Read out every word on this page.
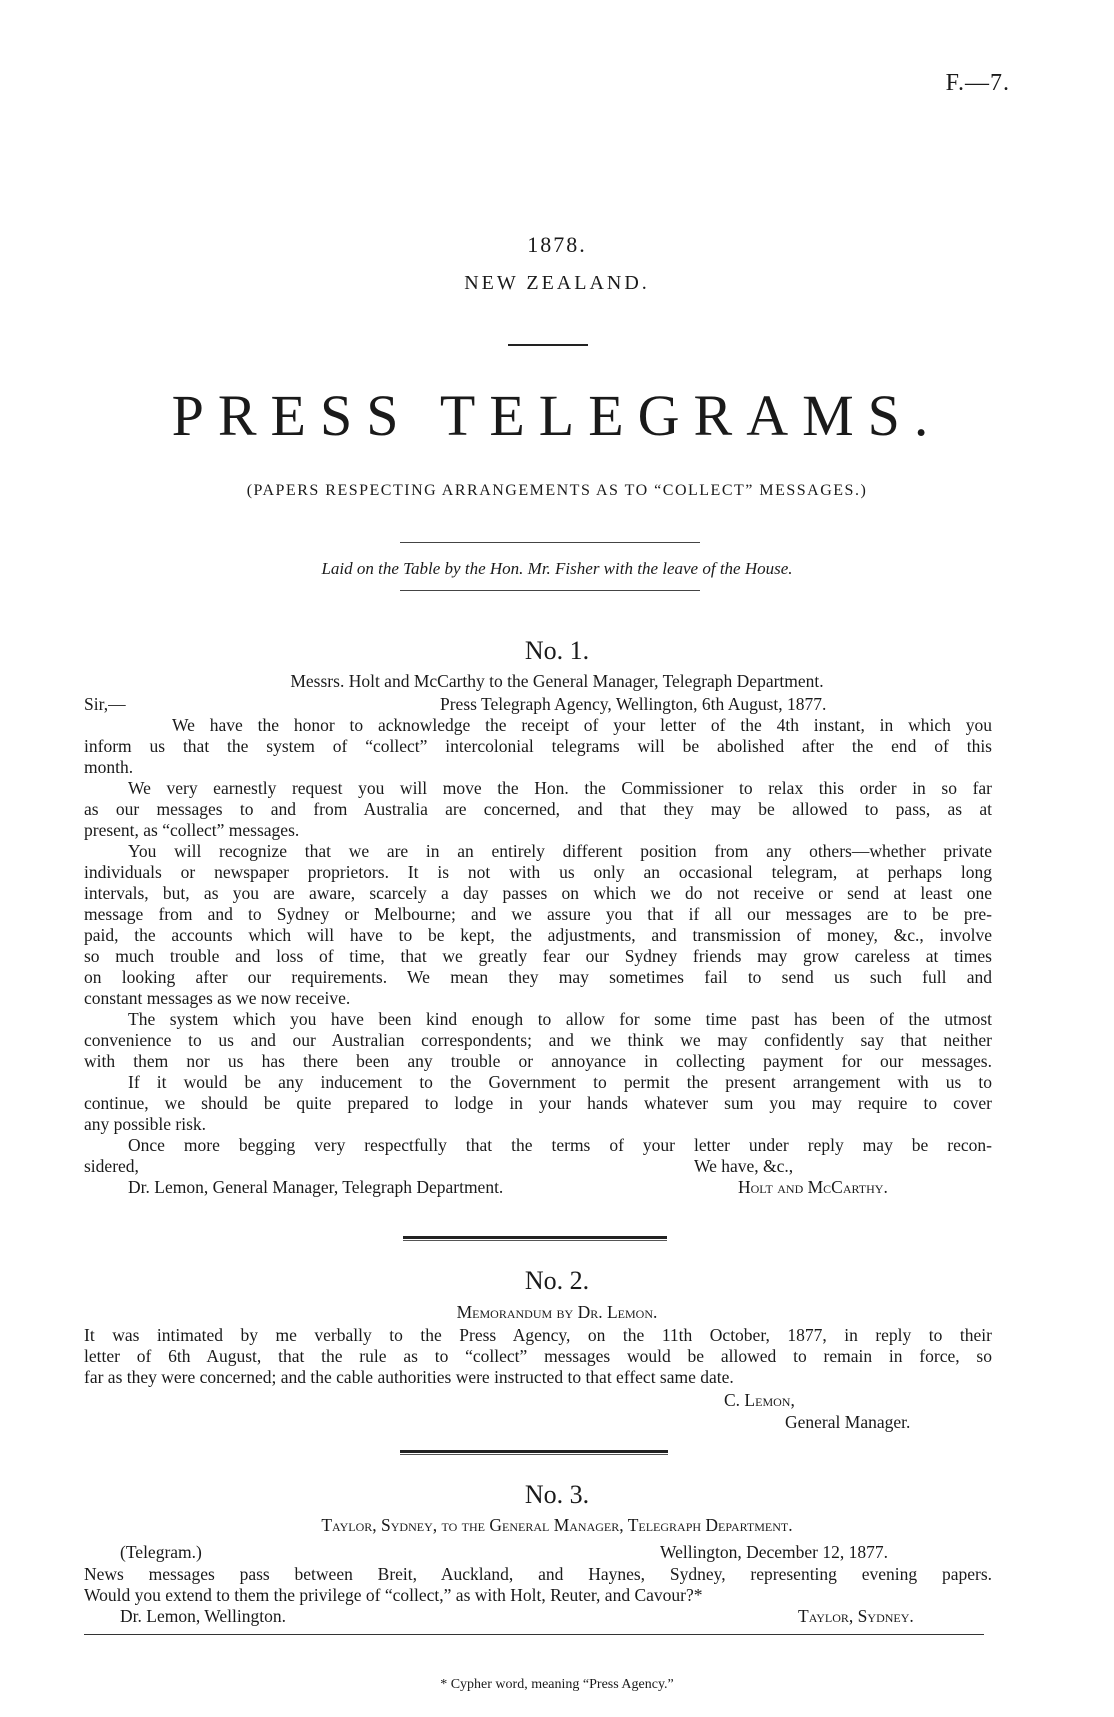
F.—7.
1878.
NEW ZEALAND.
PRESS TELEGRAMS.
(PAPERS RESPECTING ARRANGEMENTS AS TO “COLLECT” MESSAGES.)
Laid on the Table by the Hon. Mr. Fisher with the leave of the House.
No. 1.
Messrs. Holt and McCarthy to the General Manager, Telegraph Department.
Sir,—	Press Telegraph Agency, Wellington, 6th August, 1877.
We have the honor to acknowledge the receipt of your letter of the 4th instant, in which you
inform us that the system of “collect” intercolonial telegrams will be abolished after the end of this
month.
We very earnestly request you will move the Hon. the Commissioner to relax this order in so far
as our messages to and from Australia are concerned, and that they may be allowed to pass, as at
present, as “collect” messages.
You will recognize that we are in an entirely different position from any others—whether private
individuals or newspaper proprietors. It is not with us only an occasional telegram, at perhaps long
intervals, but, as you are aware, scarcely a day passes on which we do not receive or send at least one
message from and to Sydney or Melbourne; and we assure you that if all our messages are to be pre-
paid, the accounts which will have to be kept, the adjustments, and transmission of money, &c., involve
so much trouble and loss of time, that we greatly fear our Sydney friends may grow careless at times
on looking after our requirements. We mean they may sometimes fail to send us such full and
constant messages as we now receive.
The system which you have been kind enough to allow for some time past has been of the utmost
convenience to us and our Australian correspondents; and we think we may confidently say that neither
with them nor us has there been any trouble or annoyance in collecting payment for our messages.
If it would be any inducement to the Government to permit the present arrangement with us to
continue, we should be quite prepared to lodge in your hands whatever sum you may require to cover
any possible risk.
Once more begging very respectfully that the terms of your letter under reply may be recon-
sidered,	We have, &c.,
Dr. Lemon, General Manager, Telegraph Department.	Holt and McCarthy.
No. 2.
Memorandum by Dr. Lemon.
It was intimated by me verbally to the Press Agency, on the 11th October, 1877, in reply to their
letter of 6th August, that the rule as to “collect” messages would be allowed to remain in force, so
far as they were concerned; and the cable authorities were instructed to that effect same date.
C. Lemon,
General Manager.
No. 3.
Taylor, Sydney, to the General Manager, Telegraph Department.
(Telegram.)	Wellington, December 12, 1877.
News messages pass between Breit, Auckland, and Haynes, Sydney, representing evening papers.
Would you extend to them the privilege of “collect,” as with Holt, Reuter, and Cavour?*
Dr. Lemon, Wellington.	Taylor, Sydney.
* Cypher word, meaning “Press Agency.”
